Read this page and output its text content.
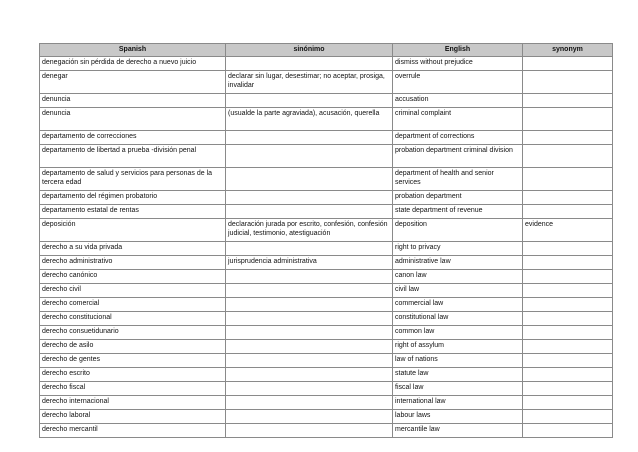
Spanish	sinónimo	English	synonym
denegación sin pérdida de derecho a nuevo juicio		dismiss without prejudice	
denegar	declarar sin lugar, desestimar; no aceptar, prosiga, invalidar	overrule	
denuncia		accusation	
denuncia	(usualde la parte agraviada), acusación, querella	criminal complaint	
departamento de correcciones		department of corrections	
departamento de libertad a prueba -división penal		probation department criminal division	
departamento de salud y servicios para personas de la tercera edad		department of health and senior services	
departamento del régimen probatorio		probation department	
departamento estatal de rentas		state department of revenue	
deposición	declaración jurada por escrito, confesión, confesión judicial, testimonio, atestiguación	deposition	evidence
derecho a su vida privada		right to privacy	
derecho administrativo	jurisprudencia administrativa	administrative law	
derecho canónico		canon law	
derecho civil		civil law	
derecho comercial		commercial law	
derecho constitucional		constitutional law	
derecho consuetidunario		common law	
derecho de asilo		right of assylum	
derecho de gentes		law of nations	
derecho escrito		statute law	
derecho fiscal		fiscal law	
derecho internacional		international law	
derecho laboral		labour laws	
derecho mercantil		mercantile law	
